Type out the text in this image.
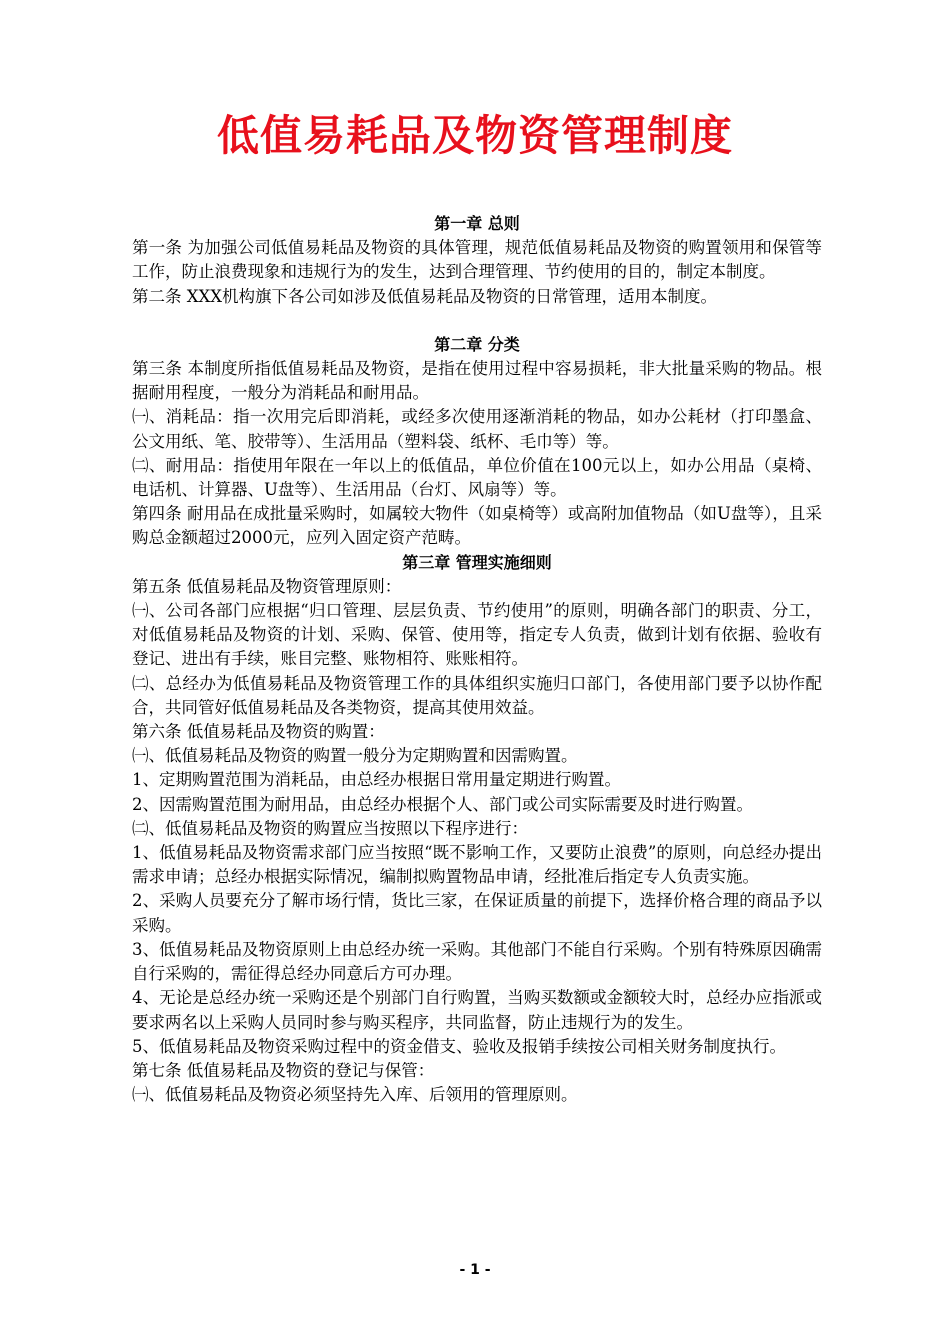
低值易耗品及物资管理制度
第一章 总则

第一条 为加强公司低值易耗品及物资的具体管理，规范低值易耗品及物资的购置领用和保管等工作，防止浪费现象和违规行为的发生，达到合理管理、节约使用的目的，制定本制度。

第二条 XXX机构旗下各公司如涉及低值易耗品及物资的日常管理，适用本制度。

第二章 分类

第三条 本制度所指低值易耗品及物资，是指在使用过程中容易损耗，非大批量采购的物品。根据耐用程度，一般分为消耗品和耐用品。

㈠、消耗品：指一次用完后即消耗，或经多次使用逐渐消耗的物品，如办公耗材（打印墨盒、公文用纸、笔、胶带等）、生活用品（塑料袋、纸杯、毛巾等）等。

㈡、耐用品：指使用年限在一年以上的低值品，单位价值在100元以上，如办公用品（桌椅、电话机、计算器、U盘等）、生活用品（台灯、风扇等）等。

第四条 耐用品在成批量采购时，如属较大物件（如桌椅等）或高附加值物品（如U盘等），且采购总金额超过2000元，应列入固定资产范畴。

第三章 管理实施细则

第五条 低值易耗品及物资管理原则：

㈠、公司各部门应根据“归口管理、层层负责、节约使用”的原则，明确各部门的职责、分工，对低值易耗品及物资的计划、采购、保管、使用等，指定专人负责，做到计划有依据、验收有登记、进出有手续，账目完整、账物相符、账账相符。

㈡、总经办为低值易耗品及物资管理工作的具体组织实施归口部门，各使用部门要予以协作配合，共同管好低值易耗品及各类物资，提高其使用效益。

第六条 低值易耗品及物资的购置：

㈠、低值易耗品及物资的购置一般分为定期购置和因需购置。

1、定期购置范围为消耗品，由总经办根据日常用量定期进行购置。

2、因需购置范围为耐用品，由总经办根据个人、部门或公司实际需要及时进行购置。

㈡、低值易耗品及物资的购置应当按照以下程序进行：

1、低值易耗品及物资需求部门应当按照“既不影响工作，又要防止浪费”的原则，向总经办提出需求申请；总经办根据实际情况，编制拟购置物品申请，经批准后指定专人负责实施。

2、采购人员要充分了解市场行情，货比三家，在保证质量的前提下，选择价格合理的商品予以采购。

3、低值易耗品及物资原则上由总经办统一采购。其他部门不能自行采购。个别有特殊原因确需自行采购的，需征得总经办同意后方可办理。

4、无论是总经办统一采购还是个别部门自行购置，当购买数额或金额较大时，总经办应指派或要求两名以上采购人员同时参与购买程序，共同监督，防止违规行为的发生。

5、低值易耗品及物资采购过程中的资金借支、验收及报销手续按公司相关财务制度执行。

第七条 低值易耗品及物资的登记与保管：

㈠、低值易耗品及物资必须坚持先入库、后领用的管理原则。

- 1 -
